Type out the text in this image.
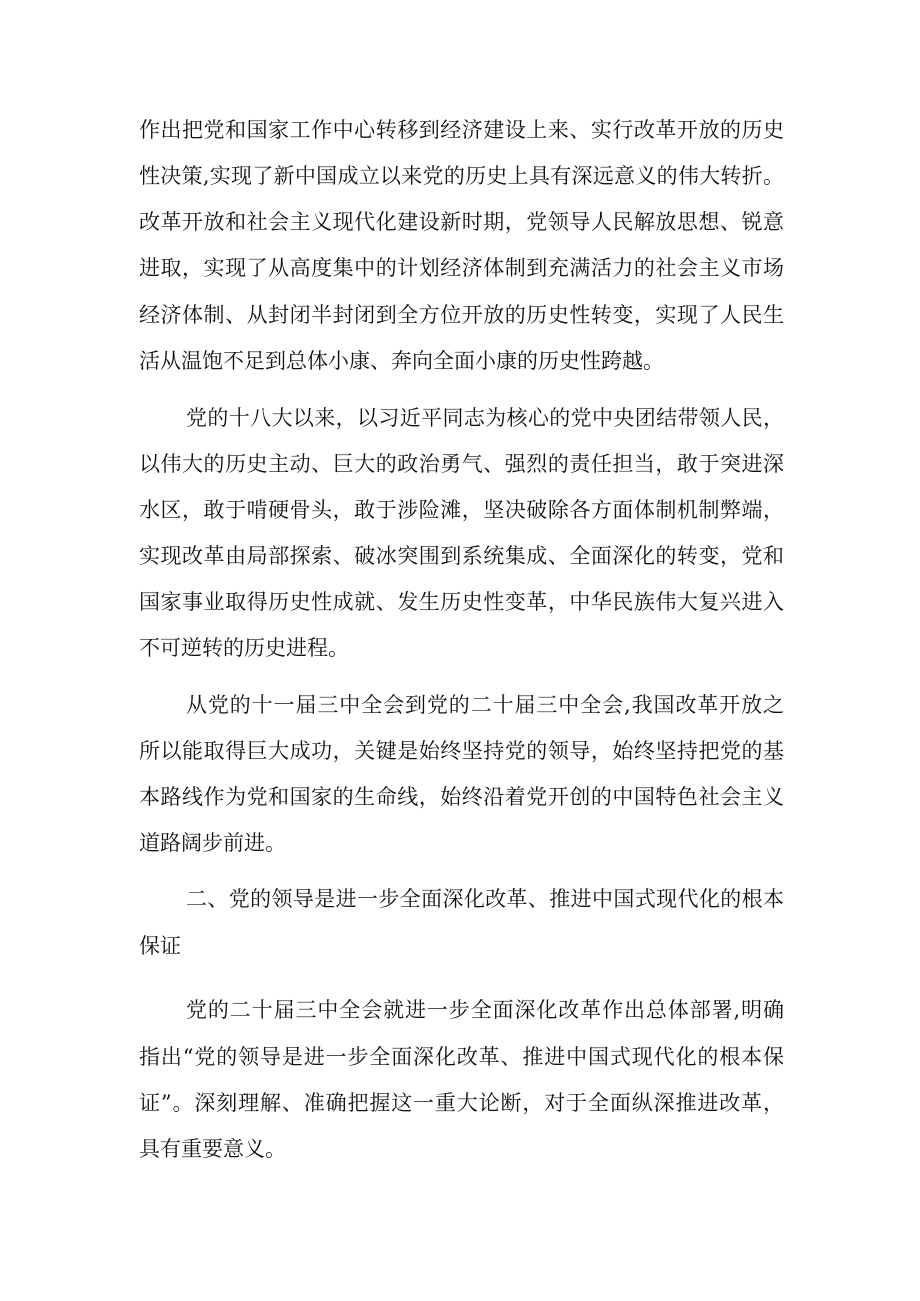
作出把党和国家工作中心转移到经济建设上来、实行改革开放的历史
性决策,实现了新中国成立以来党的历史上具有深远意义的伟大转折。
改革开放和社会主义现代化建设新时期，党领导人民解放思想、锐意
进取，实现了从高度集中的计划经济体制到充满活力的社会主义市场
经济体制、从封闭半封闭到全方位开放的历史性转变，实现了人民生
活从温饱不足到总体小康、奔向全面小康的历史性跨越。
党的十八大以来，以习近平同志为核心的党中央团结带领人民，
以伟大的历史主动、巨大的政治勇气、强烈的责任担当，敢于突进深
水区，敢于啃硬骨头，敢于涉险滩，坚决破除各方面体制机制弊端，
实现改革由局部探索、破冰突围到系统集成、全面深化的转变，党和
国家事业取得历史性成就、发生历史性变革，中华民族伟大复兴进入
不可逆转的历史进程。
从党的十一届三中全会到党的二十届三中全会,我国改革开放之
所以能取得巨大成功，关键是始终坚持党的领导，始终坚持把党的基
本路线作为党和国家的生命线，始终沿着党开创的中国特色社会主义
道路阔步前进。
二、党的领导是进一步全面深化改革、推进中国式现代化的根本
保证
党的二十届三中全会就进一步全面深化改革作出总体部署,明确
指出“党的领导是进一步全面深化改革、推进中国式现代化的根本保
证”。深刻理解、准确把握这一重大论断，对于全面纵深推进改革，
具有重要意义。
